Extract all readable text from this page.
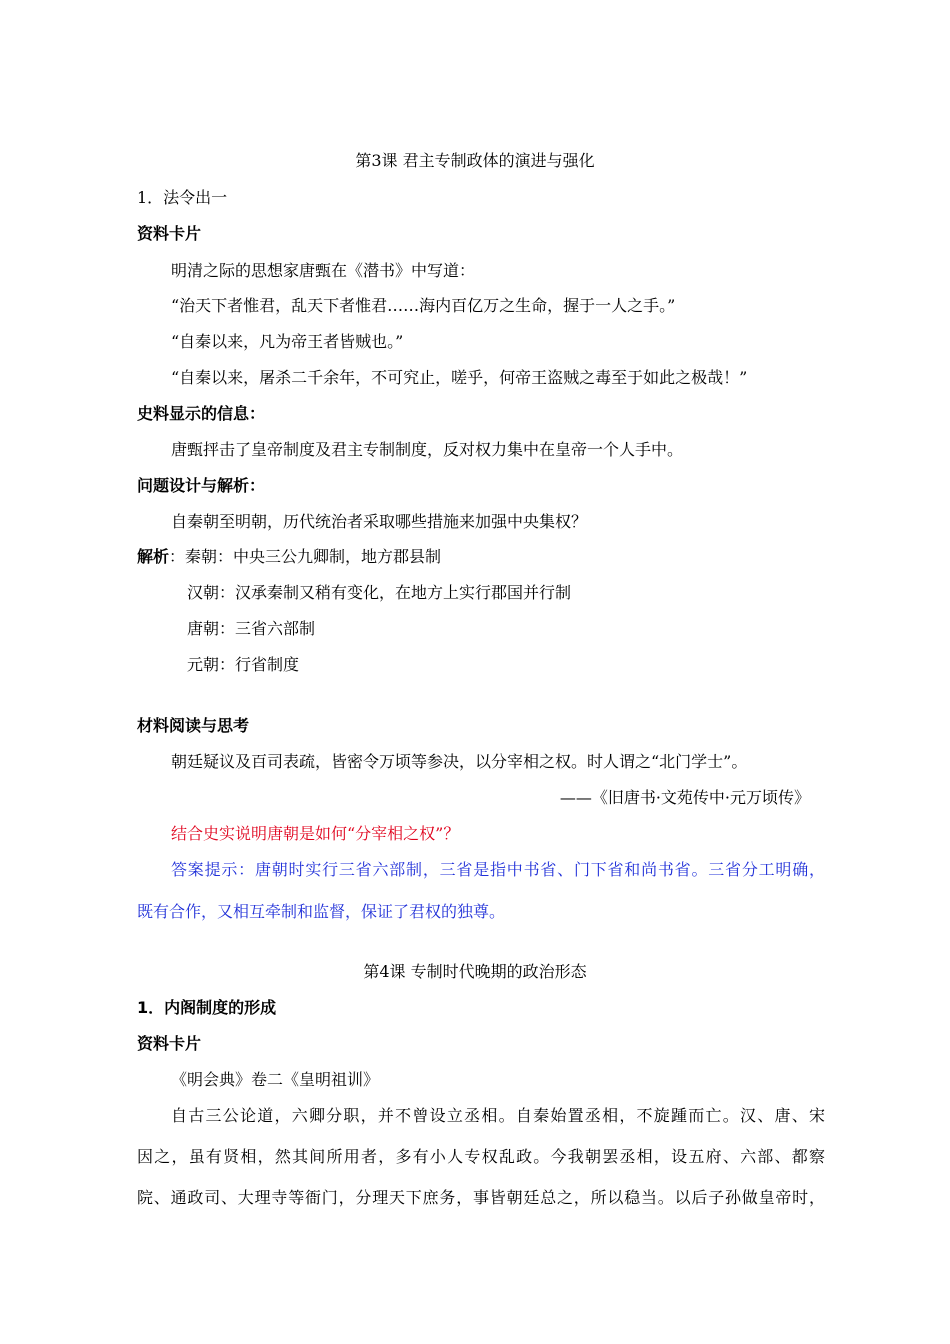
第3课 君主专制政体的演进与强化
1．法令出一
资料卡片
明清之际的思想家唐甄在《潜书》中写道：
“治天下者惟君，乱天下者惟君……海内百亿万之生命，握于一人之手。”
“自秦以来，凡为帝王者皆贼也。”
“自秦以来，屠杀二千余年，不可究止，嗟乎，何帝王盗贼之毒至于如此之极哉！”
史料显示的信息：
唐甄抨击了皇帝制度及君主专制制度，反对权力集中在皇帝一个人手中。
问题设计与解析：
自秦朝至明朝，历代统治者采取哪些措施来加强中央集权？
解析：秦朝：中央三公九卿制，地方郡县制
汉朝：汉承秦制又稍有变化，在地方上实行郡国并行制
唐朝：三省六部制
元朝：行省制度
材料阅读与思考
朝廷疑议及百司表疏，皆密令万顷等参决，以分宰相之权。时人谓之“北门学士”。
——《旧唐书·文苑传中·元万顷传》
结合史实说明唐朝是如何“分宰相之权”？
答案提示：唐朝时实行三省六部制，三省是指中书省、门下省和尚书省。三省分工明确，
既有合作，又相互牵制和监督，保证了君权的独尊。
第4课 专制时代晚期的政治形态
1．内阁制度的形成
资料卡片
《明会典》卷二《皇明祖训》
自古三公论道，六卿分职，并不曾设立丞相。自秦始置丞相，不旋踵而亡。汉、唐、宋
因之，虽有贤相，然其间所用者，多有小人专权乱政。今我朝罢丞相，设五府、六部、都察
院、通政司、大理寺等衙门，分理天下庶务，事皆朝廷总之，所以稳当。以后子孙做皇帝时，
